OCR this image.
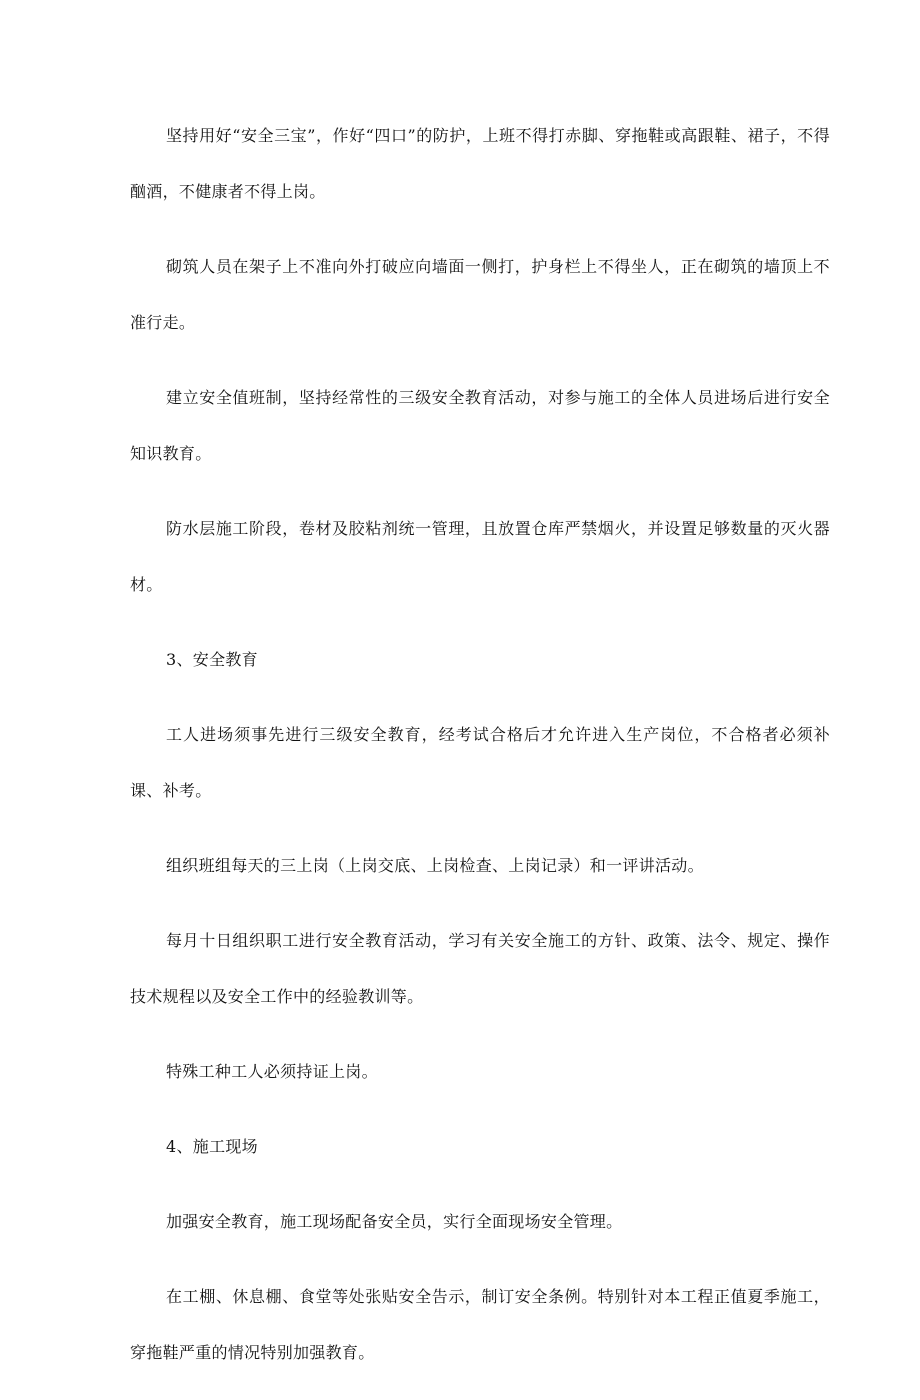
坚持用好“安全三宝”，作好“四口”的防护，上班不得打赤脚、穿拖鞋或高跟鞋、裙子，不得酗酒，不健康者不得上岗。

砌筑人员在架子上不准向外打破应向墙面一侧打，护身栏上不得坐人，正在砌筑的墙顶上不准行走。

建立安全值班制，坚持经常性的三级安全教育活动，对参与施工的全体人员进场后进行安全知识教育。

防水层施工阶段，卷材及胶粘剂统一管理，且放置仓库严禁烟火，并设置足够数量的灭火器材。

3、安全教育

工人进场须事先进行三级安全教育，经考试合格后才允许进入生产岗位，不合格者必须补课、补考。

组织班组每天的三上岗（上岗交底、上岗检查、上岗记录）和一评讲活动。

每月十日组织职工进行安全教育活动，学习有关安全施工的方针、政策、法令、规定、操作技术规程以及安全工作中的经验教训等。

特殊工种工人必须持证上岗。

4、施工现场

加强安全教育，施工现场配备安全员，实行全面现场安全管理。

在工棚、休息棚、食堂等处张贴安全告示，制订安全条例。特别针对本工程正值夏季施工，穿拖鞋严重的情况特别加强教育。
